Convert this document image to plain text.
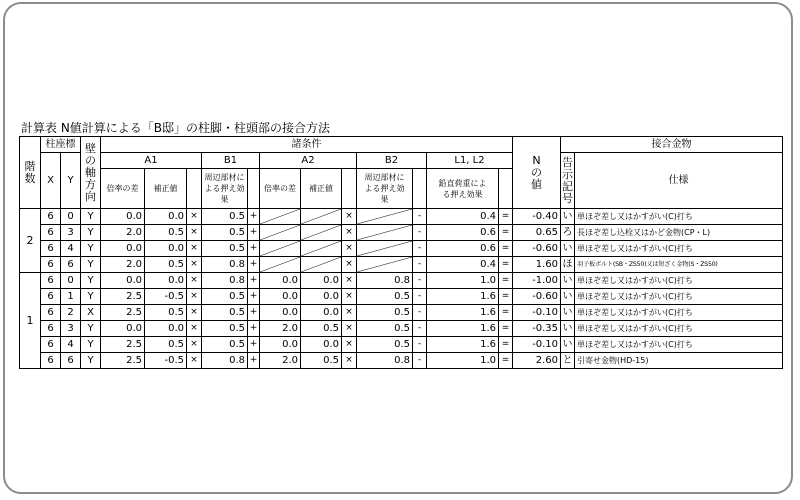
計算表 N値計算による「B邸」の柱脚・柱頭部の接合方法
階数	柱座標		壁の軸方向	諸条件												Nの値	接合金物	
	X	Y		A1			B1		A2			B2		L1, L2			告示記号	仕様

				倍率の差	補正値		周辺部材による押え効果		倍率の差	補正値		周辺部材による押え効果		鉛直荷重による押え効果				

2	6	0	Y	0.0	0.0	×	0.5	+			×		-	0.4	=	-0.40	い	単ほぞ差し又はかすがい(C)打ち
	6	3	Y	2.0	0.5	×	0.5	+			×		-	0.6	=	0.65	ろ	長ほぞ差し込栓又はかど金物(CP・L)
	6	4	Y	0.0	0.0	×	0.5	+			×		-	0.6	=	-0.60	い	単ほぞ差し又はかすがい(C)打ち
	6	6	Y	2.0	0.5	×	0.8	+			×		-	0.4	=	1.60	ほ	羽子板ボルト(SB・ZS50)又は短ざく金物(S・ZS50)
1	6	0	Y	0.0	0.0	×	0.8	+	0.0	0.0	×	0.8	-	1.0	=	-1.00	い	単ほぞ差し又はかすがい(C)打ち
	6	1	Y	2.5	-0.5	×	0.5	+	0.0	0.0	×	0.5	-	1.6	=	-0.60	い	単ほぞ差し又はかすがい(C)打ち
	6	2	X	2.5	0.5	×	0.5	+	0.0	0.0	×	0.5	-	1.6	=	-0.10	い	単ほぞ差し又はかすがい(C)打ち
	6	3	Y	0.0	0.0	×	0.5	+	2.0	0.5	×	0.5	-	1.6	=	-0.35	い	単ほぞ差し又はかすがい(C)打ち
	6	4	Y	2.5	0.5	×	0.5	+	0.0	0.0	×	0.5	-	1.6	=	-0.10	い	単ほぞ差し又はかすがい(C)打ち
	6	6	Y	2.5	-0.5	×	0.8	+	2.0	0.5	×	0.8	-	1.0	=	2.60	と	引寄せ金物(HD-15)
